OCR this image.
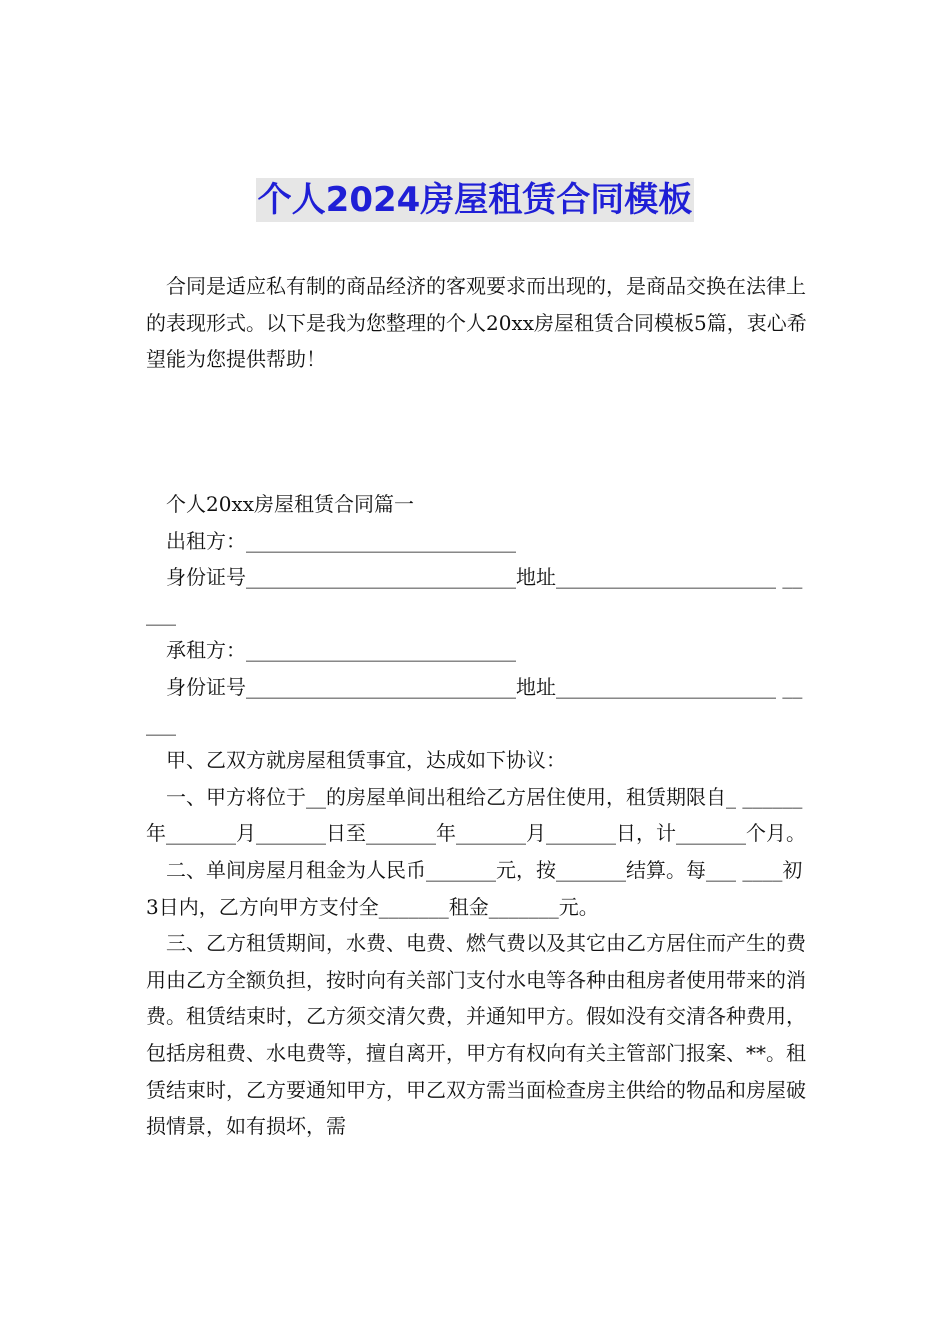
个人2024房屋租赁合同模板

合同是适应私有制的商品经济的客观要求而出现的，是商品交换在法律上的表现形式。以下是我为您整理的个人20xx房屋租赁合同模板5篇，衷心希望能为您提供帮助！

个人20xx房屋租赁合同篇一

出租方：___________________________

身份证号___________________________地址______________________ _____

承租方：___________________________

身份证号___________________________地址______________________ _____

甲、乙双方就房屋租赁事宜，达成如下协议：

一、甲方将位于__的房屋单间出租给乙方居住使用，租赁期限自_ ______年_______月_______日至_______年_______月_______日，计_______个月。

二、单间房屋月租金为人民币_______元，按_______结算。每___ ____初3日内，乙方向甲方支付全_______租金_______元。

三、乙方租赁期间，水费、电费、燃气费以及其它由乙方居住而产生的费用由乙方全额负担，按时向有关部门支付水电等各种由租房者使用带来的消费。租赁结束时，乙方须交清欠费，并通知甲方。假如没有交清各种费用，包括房租费、水电费等，擅自离开，甲方有权向有关主管部门报案、**。租赁结束时，乙方要通知甲方，甲乙双方需当面检查房主供给的物品和房屋破损情景，如有损坏，需
